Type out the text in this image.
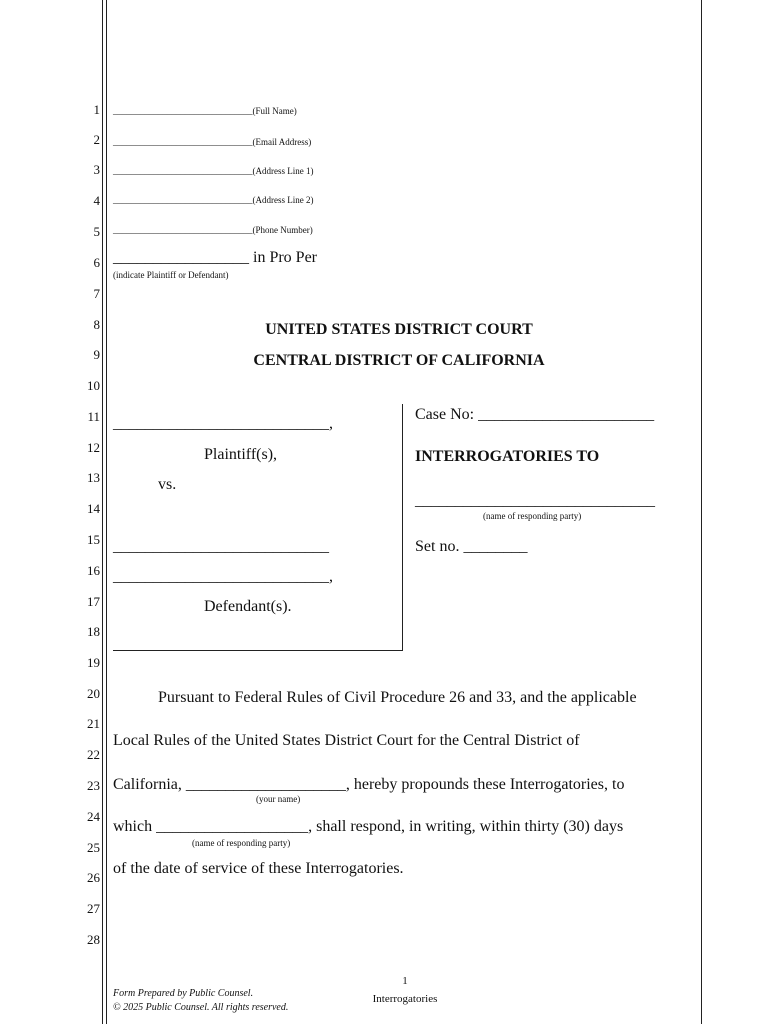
1
2
3
4
5
6
7
8
9
10
11
12
13
14
15
16
17
18
19
20
21
22
23
24
25
26
27
28
_______________________________(Full Name)
_______________________________(Email Address)
_______________________________(Address Line 1)
_______________________________(Address Line 2)
_______________________________(Phone Number)
_________________ in Pro Per
(indicate Plaintiff or Defendant)
UNITED STATES DISTRICT COURT
CENTRAL DISTRICT OF CALIFORNIA
___________________________,
Plaintiff(s),
vs.
___________________________
___________________________,
Defendant(s).
Case No: ______________________
INTERROGATORIES TO
______________________________
(name of responding party)
Set no. ________
Pursuant to Federal Rules of Civil Procedure 26 and 33, and the applicable
Local Rules of the United States District Court for the Central District of
California, ____________________, hereby propounds these Interrogatories, to
(your name)
which ___________________, shall respond, in writing, within thirty (30) days
(name of responding party)
of the date of service of these Interrogatories.
Form Prepared by Public Counsel.
© 2025 Public Counsel. All rights reserved.
1
Interrogatories
